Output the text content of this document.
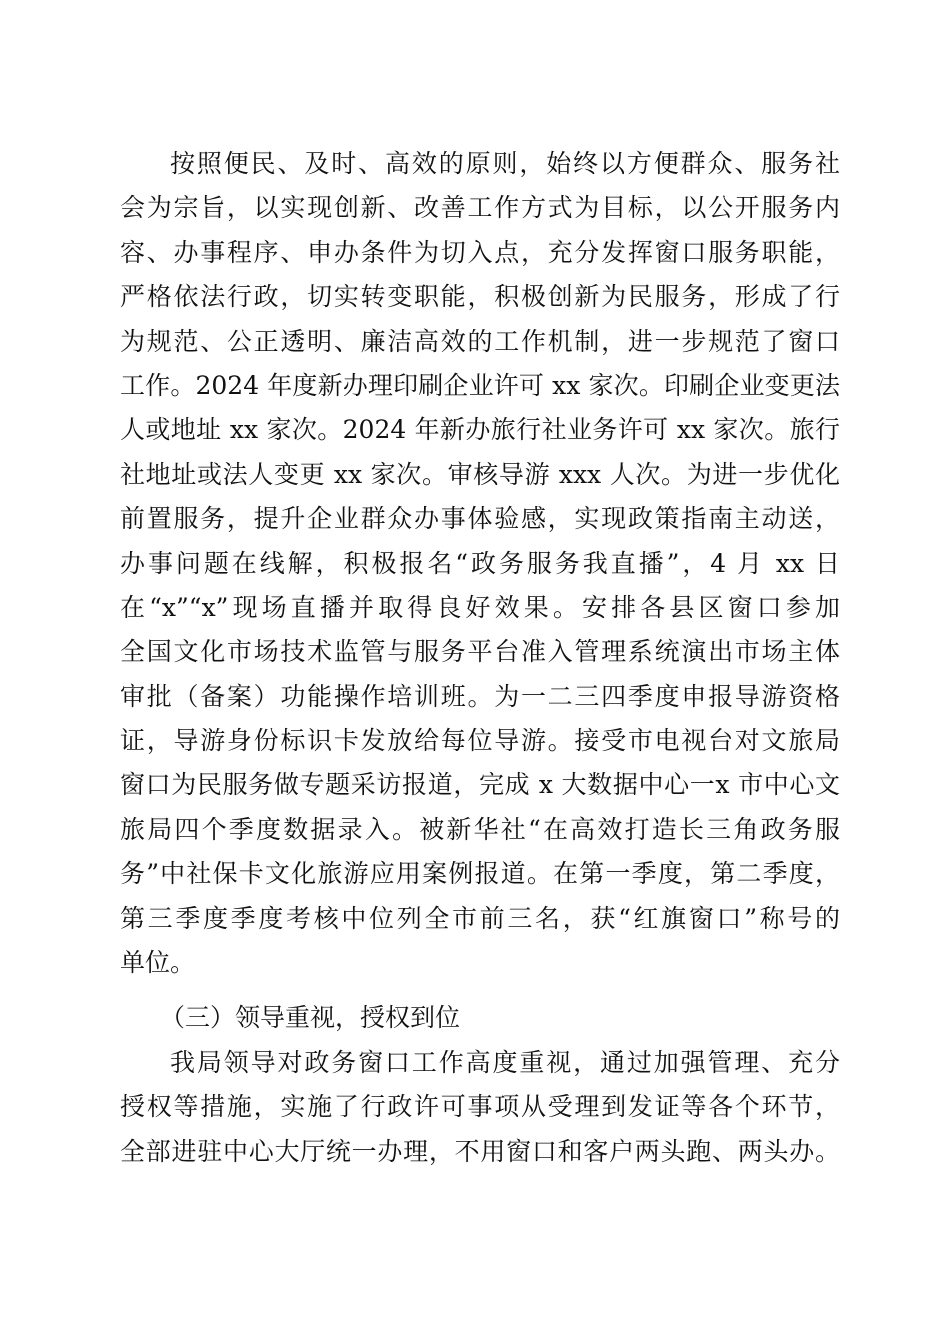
按照便民、及时、高效的原则，始终以方便群众、服务社
会为宗旨，以实现创新、改善工作方式为目标，以公开服务内
容、办事程序、申办条件为切入点，充分发挥窗口服务职能，
严格依法行政，切实转变职能，积极创新为民服务，形成了行
为规范、公正透明、廉洁高效的工作机制，进一步规范了窗口
工作。2024 年度新办理印刷企业许可 xx 家次。印刷企业变更法
人或地址 xx 家次。2024 年新办旅行社业务许可 xx 家次。旅行
社地址或法人变更 xx 家次。审核导游 xxx 人次。为进一步优化
前置服务，提升企业群众办事体验感，实现政策指南主动送，
办事问题在线解，积极报名“政务服务我直播”，4 月 xx 日
在“x”“x”现场直播并取得良好效果。安排各县区窗口参加
全国文化市场技术监管与服务平台准入管理系统演出市场主体
审批（备案）功能操作培训班。为一二三四季度申报导游资格
证，导游身份标识卡发放给每位导游。接受市电视台对文旅局
窗口为民服务做专题采访报道，完成 x 大数据中心一x 市中心文
旅局四个季度数据录入。被新华社“在高效打造长三角政务服
务”中社保卡文化旅游应用案例报道。在第一季度，第二季度，
第三季度季度考核中位列全市前三名，获“红旗窗口”称号的
单位。
（三）领导重视，授权到位
我局领导对政务窗口工作高度重视，通过加强管理、充分
授权等措施，实施了行政许可事项从受理到发证等各个环节，
全部进驻中心大厅统一办理，不用窗口和客户两头跑、两头办。
